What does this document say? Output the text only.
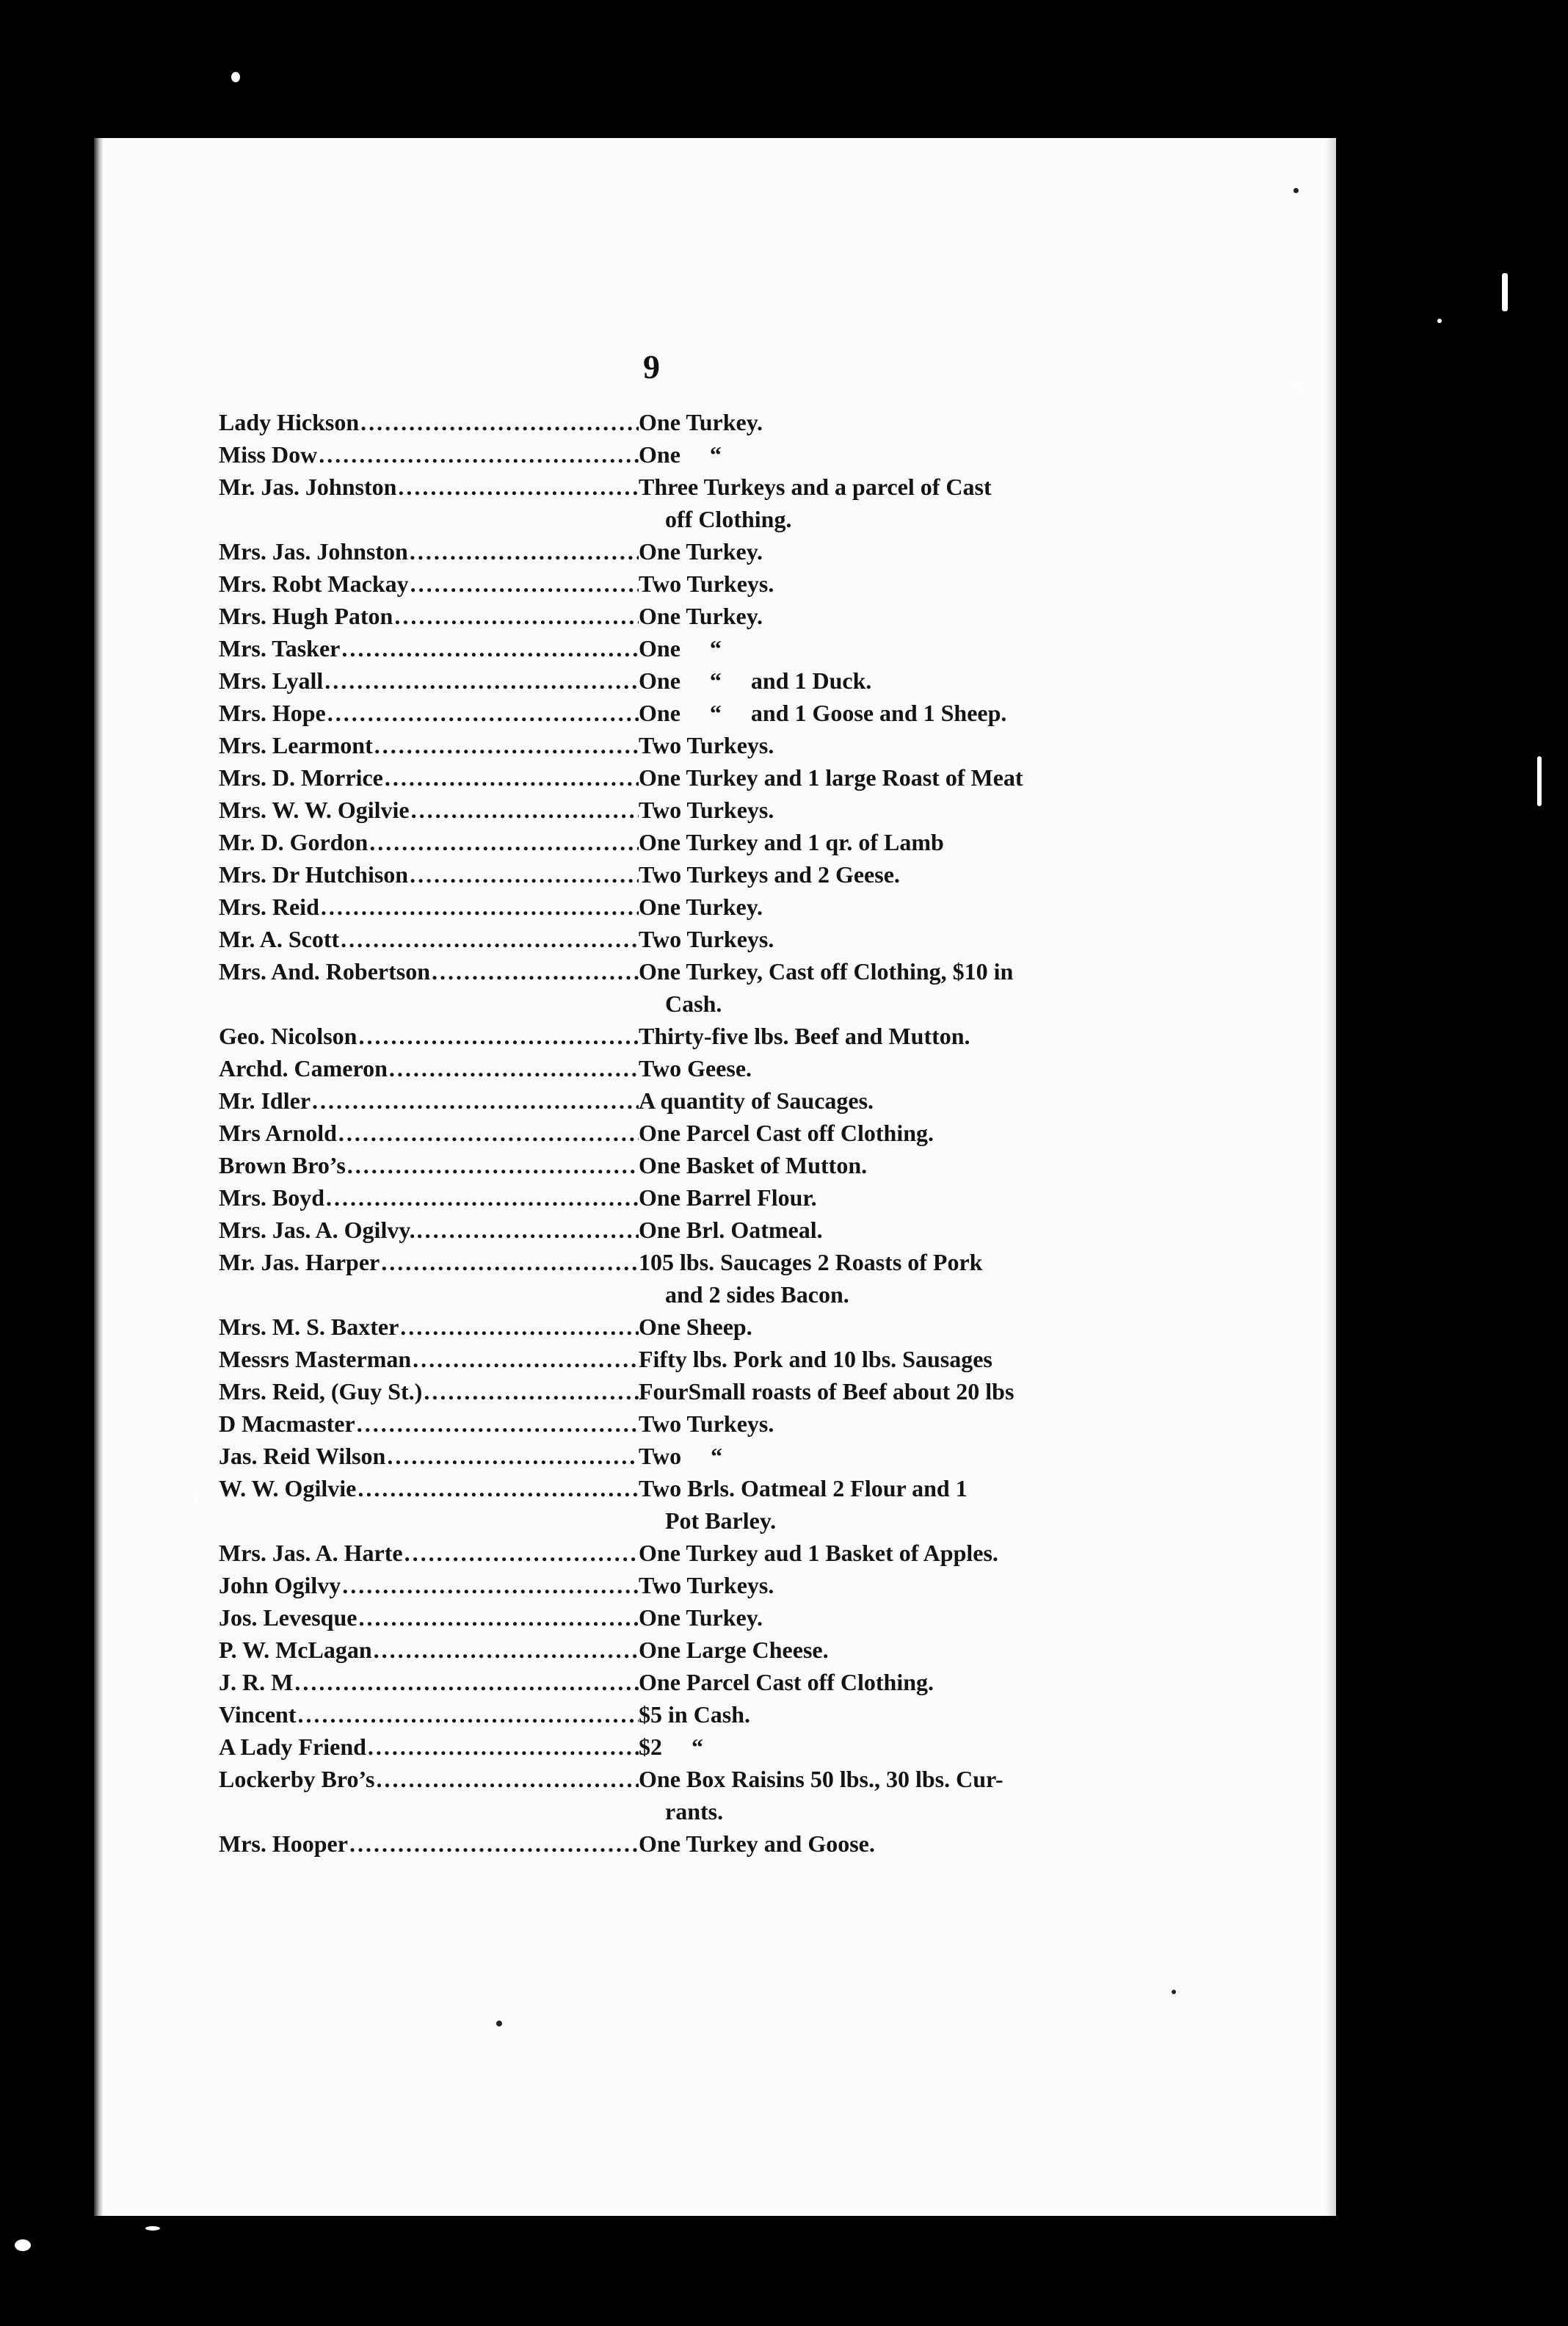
9
Lady Hickson .....	One Turkey.
Miss Dow .....	One     “
Mr. Jas. Johnston .....	Three Turkeys and a parcel of Cast
off Clothing.
Mrs. Jas. Johnston .....	One Turkey.
Mrs. Robt Mackay .....	Two Turkeys.
Mrs. Hugh Paton .....	One Turkey.
Mrs. Tasker .....	One     “
Mrs. Lyall .....	One     “     and 1 Duck.
Mrs. Hope .....	One     “     and 1 Goose and 1 Sheep.
Mrs. Learmont .....	Two Turkeys.
Mrs. D. Morrice .....	One Turkey and 1 large Roast of Meat
Mrs. W. W. Ogilvie .....	Two Turkeys.
Mr. D. Gordon .....	One Turkey and 1 qr. of Lamb
Mrs. Dr Hutchison .....	Two Turkeys and 2 Geese.
Mrs. Reid .....	One Turkey.
Mr. A. Scott .....	Two Turkeys.
Mrs. And. Robertson .....	One Turkey, Cast off Clothing, $10 in
Cash.
Geo. Nicolson .....	Thirty-five lbs. Beef and Mutton.
Archd. Cameron .....	Two Geese.
Mr. Idler .....	A quantity of Saucages.
Mrs Arnold .....	One Parcel Cast off Clothing.
Brown Bro’s .....	One Basket of Mutton.
Mrs. Boyd .....	One Barrel Flour.
Mrs. Jas. A. Ogilvy. .....	One Brl. Oatmeal.
Mr. Jas. Harper .....	105 lbs. Saucages 2 Roasts of Pork
and 2 sides Bacon.
Mrs. M. S. Baxter .....	One Sheep.
Messrs Masterman .....	Fifty lbs. Pork and 10 lbs. Sausages
Mrs. Reid, (Guy St.) .....	FourSmall roasts of Beef about 20 lbs
D Macmaster .....	Two Turkeys.
Jas. Reid Wilson .....	Two     “
W. W. Ogilvie .....	Two Brls. Oatmeal 2 Flour and 1
Pot Barley.
Mrs. Jas. A. Harte .....	One Turkey aud 1 Basket of Apples.
John Ogilvy .....	Two Turkeys.
Jos. Levesque .....	One Turkey.
P. W. McLagan .....	One Large Cheese.
J. R. M .....	One Parcel Cast off Clothing.
Vincent .....	$5 in Cash.
A Lady Friend .....	$2     “
Lockerby Bro’s .....	One Box Raisins 50 lbs., 30 lbs. Cur-
rants.
Mrs. Hooper .....	One Turkey and Goose.
